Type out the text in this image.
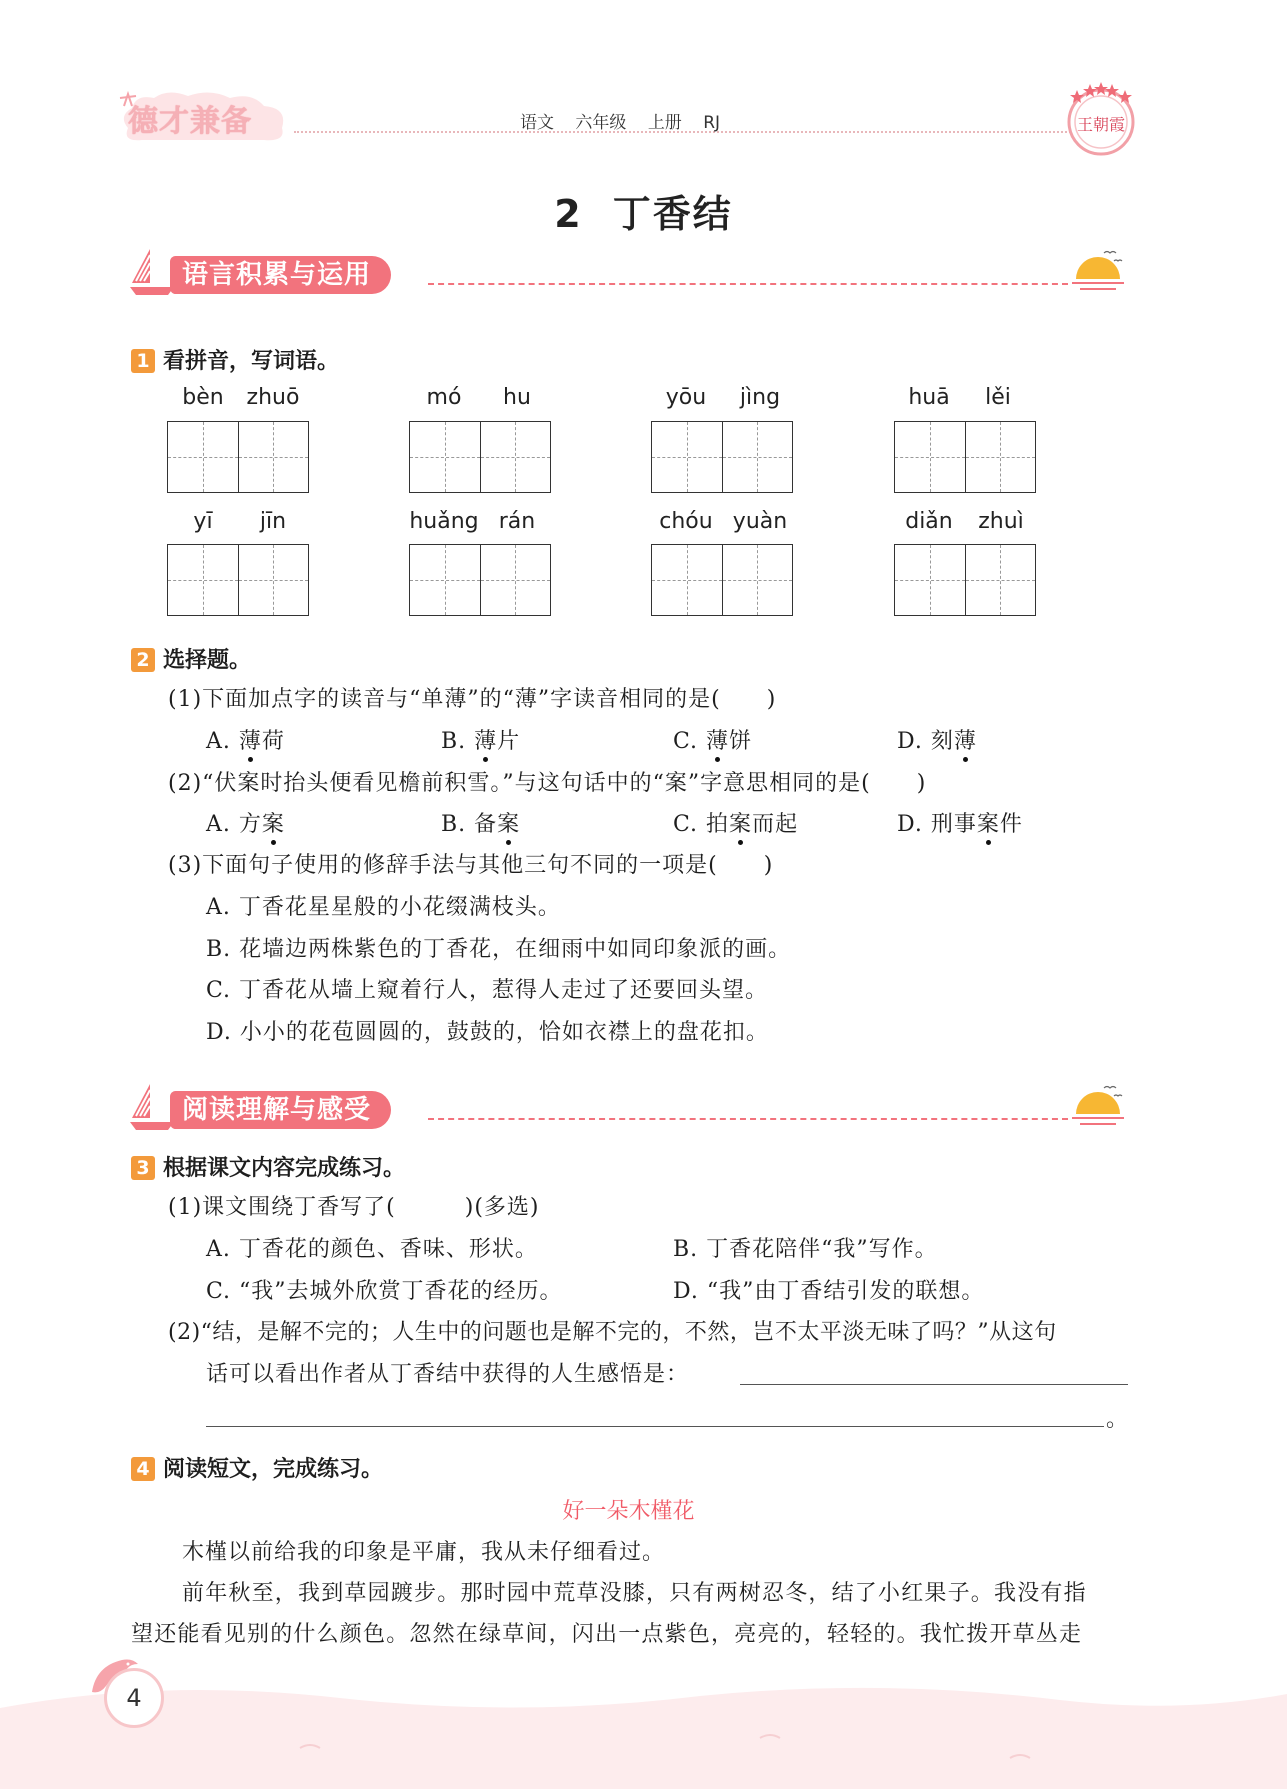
德才兼备	语文 六年级 上册 RJ	王朝霞
2 丁香结
语言积累与运用
1 看拼音，写词语。
bèn	zhuō	mó	hu	yōu	jìng	huā	lěi
yī	jīn	huǎng rán	chóu yuàn	diǎn	zhuì
2 选择题。
(1)下面加点字的读音与“单薄”的“薄”字读音相同的是(　　)
A. 薄荷	B. 薄片	C. 薄饼	D. 刻薄
(2)“伏案时抬头便看见檐前积雪。”与这句话中的“案”字意思相同的是(　　)
A. 方案	B. 备案	C. 拍案而起	D. 刑事案件
(3)下面句子使用的修辞手法与其他三句不同的一项是(　　)
A. 丁香花星星般的小花缀满枝头。
B. 花墙边两株紫色的丁香花，在细雨中如同印象派的画。
C. 丁香花从墙上窥着行人，惹得人走过了还要回头望。
D. 小小的花苞圆圆的，鼓鼓的，恰如衣襟上的盘花扣。
阅读理解与感受
3 根据课文内容完成练习。
(1)课文围绕丁香写了(　　　)(多选)
A. 丁香花的颜色、香味、形状。	B. 丁香花陪伴“我”写作。
C. “我”去城外欣赏丁香花的经历。	D. “我”由丁香结引发的联想。
(2)“结，是解不完的；人生中的问题也是解不完的，不然，岂不太平淡无味了吗？”从这句
话可以看出作者从丁香结中获得的人生感悟是：
。
4 阅读短文，完成练习。
好一朵木槿花
木槿以前给我的印象是平庸，我从未仔细看过。
前年秋至，我到草园踱步。那时园中荒草没膝，只有两树忍冬，结了小红果子。我没有指
望还能看见别的什么颜色。忽然在绿草间，闪出一点紫色，亮亮的，轻轻的。我忙拨开草丛走
4
